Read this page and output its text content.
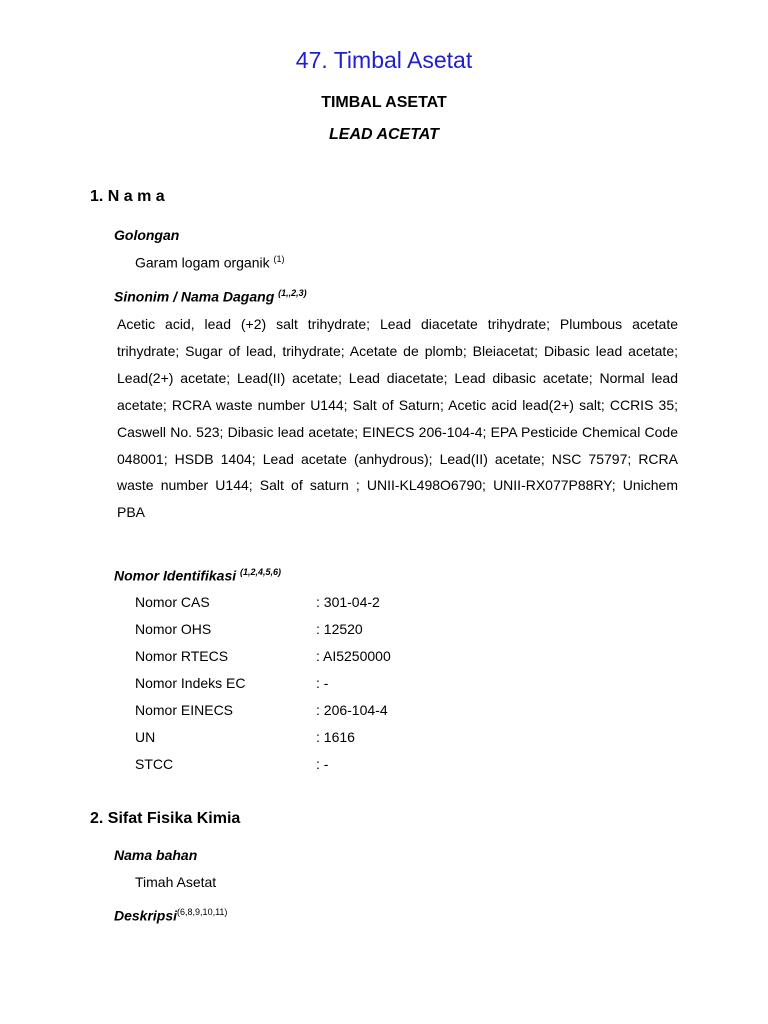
47. Timbal Asetat
TIMBAL ASETAT
LEAD ACETAT
1. N a m a
Golongan
Garam logam organik $^{(1)}$
Sinonim / Nama Dagang $^{(1,,2,3)}$
Acetic acid, lead (+2) salt trihydrate; Lead diacetate trihydrate; Plumbous acetate trihydrate; Sugar of lead, trihydrate; Acetate de plomb; Bleiacetat; Dibasic lead acetate; Lead(2+) acetate; Lead(II) acetate; Lead diacetate; Lead dibasic acetate; Normal lead acetate; RCRA waste number U144; Salt of Saturn; Acetic acid lead(2+) salt; CCRIS 35; Caswell No. 523; Dibasic lead acetate; EINECS 206-104-4; EPA Pesticide Chemical Code 048001; HSDB 1404; Lead acetate (anhydrous); Lead(II) acetate; NSC 75797; RCRA waste number U144; Salt of saturn ; UNII-KL498O6790; UNII-RX077P88RY; Unichem PBA
Nomor Identifikasi $^{(1,2,4,5,6)}$
Nomor CAS	: 301-04-2
Nomor OHS	: 12520
Nomor RTECS	: AI5250000
Nomor Indeks EC	: -
Nomor EINECS	: 206-104-4
UN	: 1616
STCC	: -
2. Sifat Fisika Kimia
Nama bahan
Timah Asetat
Deskripsi$^{(6,8,9,10,11)}$
